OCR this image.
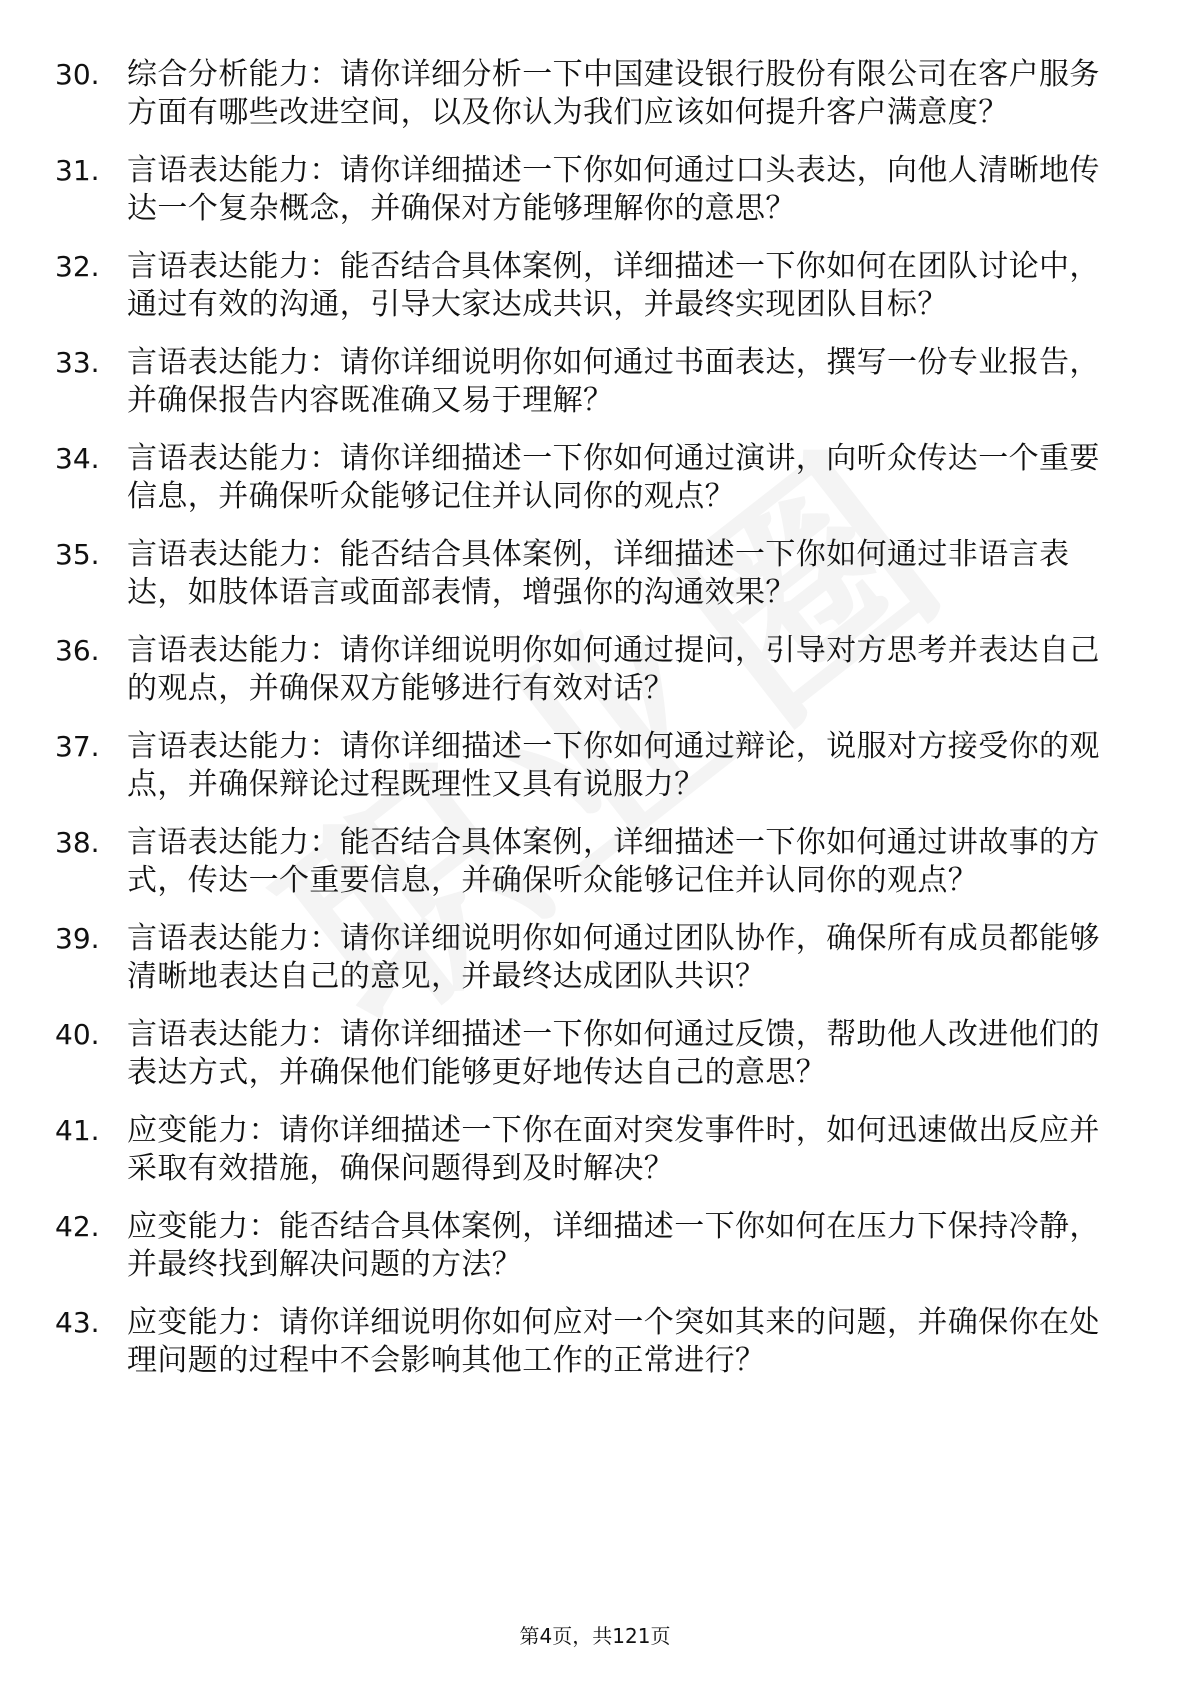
30. 综合分析能力：请你详细分析一下中国建设银行股份有限公司在客户服务方面有哪些改进空间，以及你认为我们应该如何提升客户满意度？
31. 言语表达能力：请你详细描述一下你如何通过口头表达，向他人清晰地传达一个复杂概念，并确保对方能够理解你的意思？
32. 言语表达能力：能否结合具体案例，详细描述一下你如何在团队讨论中，通过有效的沟通，引导大家达成共识，并最终实现团队目标？
33. 言语表达能力：请你详细说明你如何通过书面表达，撰写一份专业报告，并确保报告内容既准确又易于理解？
34. 言语表达能力：请你详细描述一下你如何通过演讲，向听众传达一个重要信息，并确保听众能够记住并认同你的观点？
35. 言语表达能力：能否结合具体案例，详细描述一下你如何通过非语言表达，如肢体语言或面部表情，增强你的沟通效果？
36. 言语表达能力：请你详细说明你如何通过提问，引导对方思考并表达自己的观点，并确保双方能够进行有效对话？
37. 言语表达能力：请你详细描述一下你如何通过辩论，说服对方接受你的观点，并确保辩论过程既理性又具有说服力？
38. 言语表达能力：能否结合具体案例，详细描述一下你如何通过讲故事的方式，传达一个重要信息，并确保听众能够记住并认同你的观点？
39. 言语表达能力：请你详细说明你如何通过团队协作，确保所有成员都能够清晰地表达自己的意见，并最终达成团队共识？
40. 言语表达能力：请你详细描述一下你如何通过反馈，帮助他人改进他们的表达方式，并确保他们能够更好地传达自己的意思？
41. 应变能力：请你详细描述一下你在面对突发事件时，如何迅速做出反应并采取有效措施，确保问题得到及时解决？
42. 应变能力：能否结合具体案例，详细描述一下你如何在压力下保持冷静，并最终找到解决问题的方法？
43. 应变能力：请你详细说明你如何应对一个突如其来的问题，并确保你在处理问题的过程中不会影响其他工作的正常进行？
第4页，共121页
